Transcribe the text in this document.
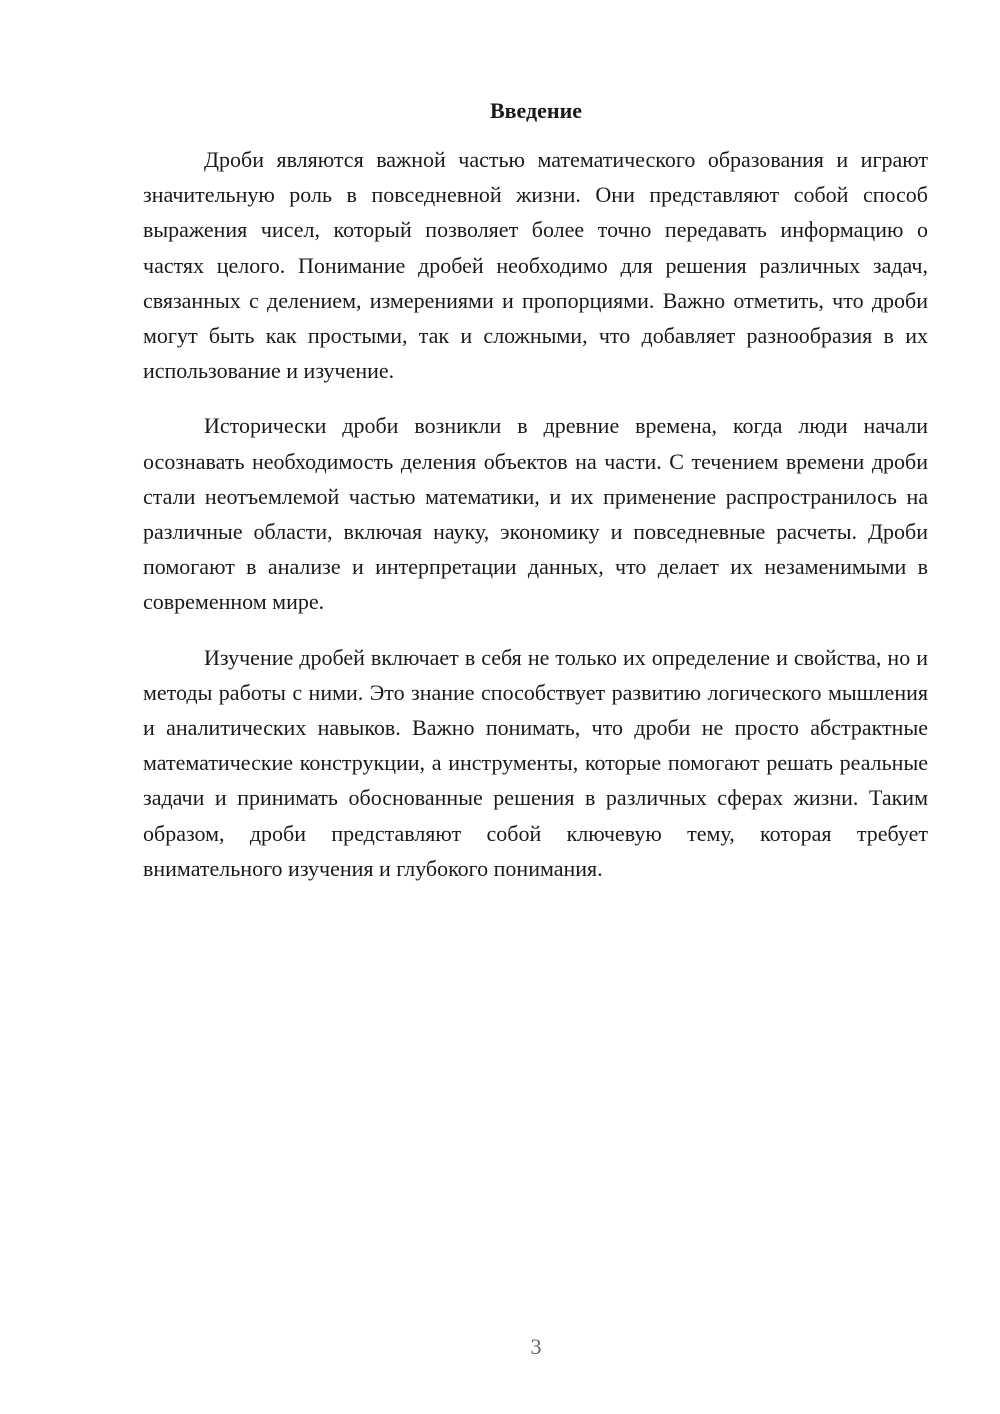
Введение

Дроби являются важной частью математического образования и играют значительную роль в повседневной жизни. Они представляют собой способ выражения чисел, который позволяет более точно передавать информацию о частях целого. Понимание дробей необходимо для решения различных задач, связанных с делением, измерениями и пропорциями. Важно отметить, что дроби могут быть как простыми, так и сложными, что добавляет разнообразия в их использование и изучение.

Исторически дроби возникли в древние времена, когда люди начали осознавать необходимость деления объектов на части. С течением времени дроби стали неотъемлемой частью математики, и их применение распространилось на различные области, включая науку, экономику и повседневные расчеты. Дроби помогают в анализе и интерпретации данных, что делает их незаменимыми в современном мире.

Изучение дробей включает в себя не только их определение и свойства, но и методы работы с ними. Это знание способствует развитию логического мышления и аналитических навыков. Важно понимать, что дроби не просто абстрактные математические конструкции, а инструменты, которые помогают решать реальные задачи и принимать обоснованные решения в различных сферах жизни. Таким образом, дроби представляют собой ключевую тему, которая требует внимательного изучения и глубокого понимания.

3
